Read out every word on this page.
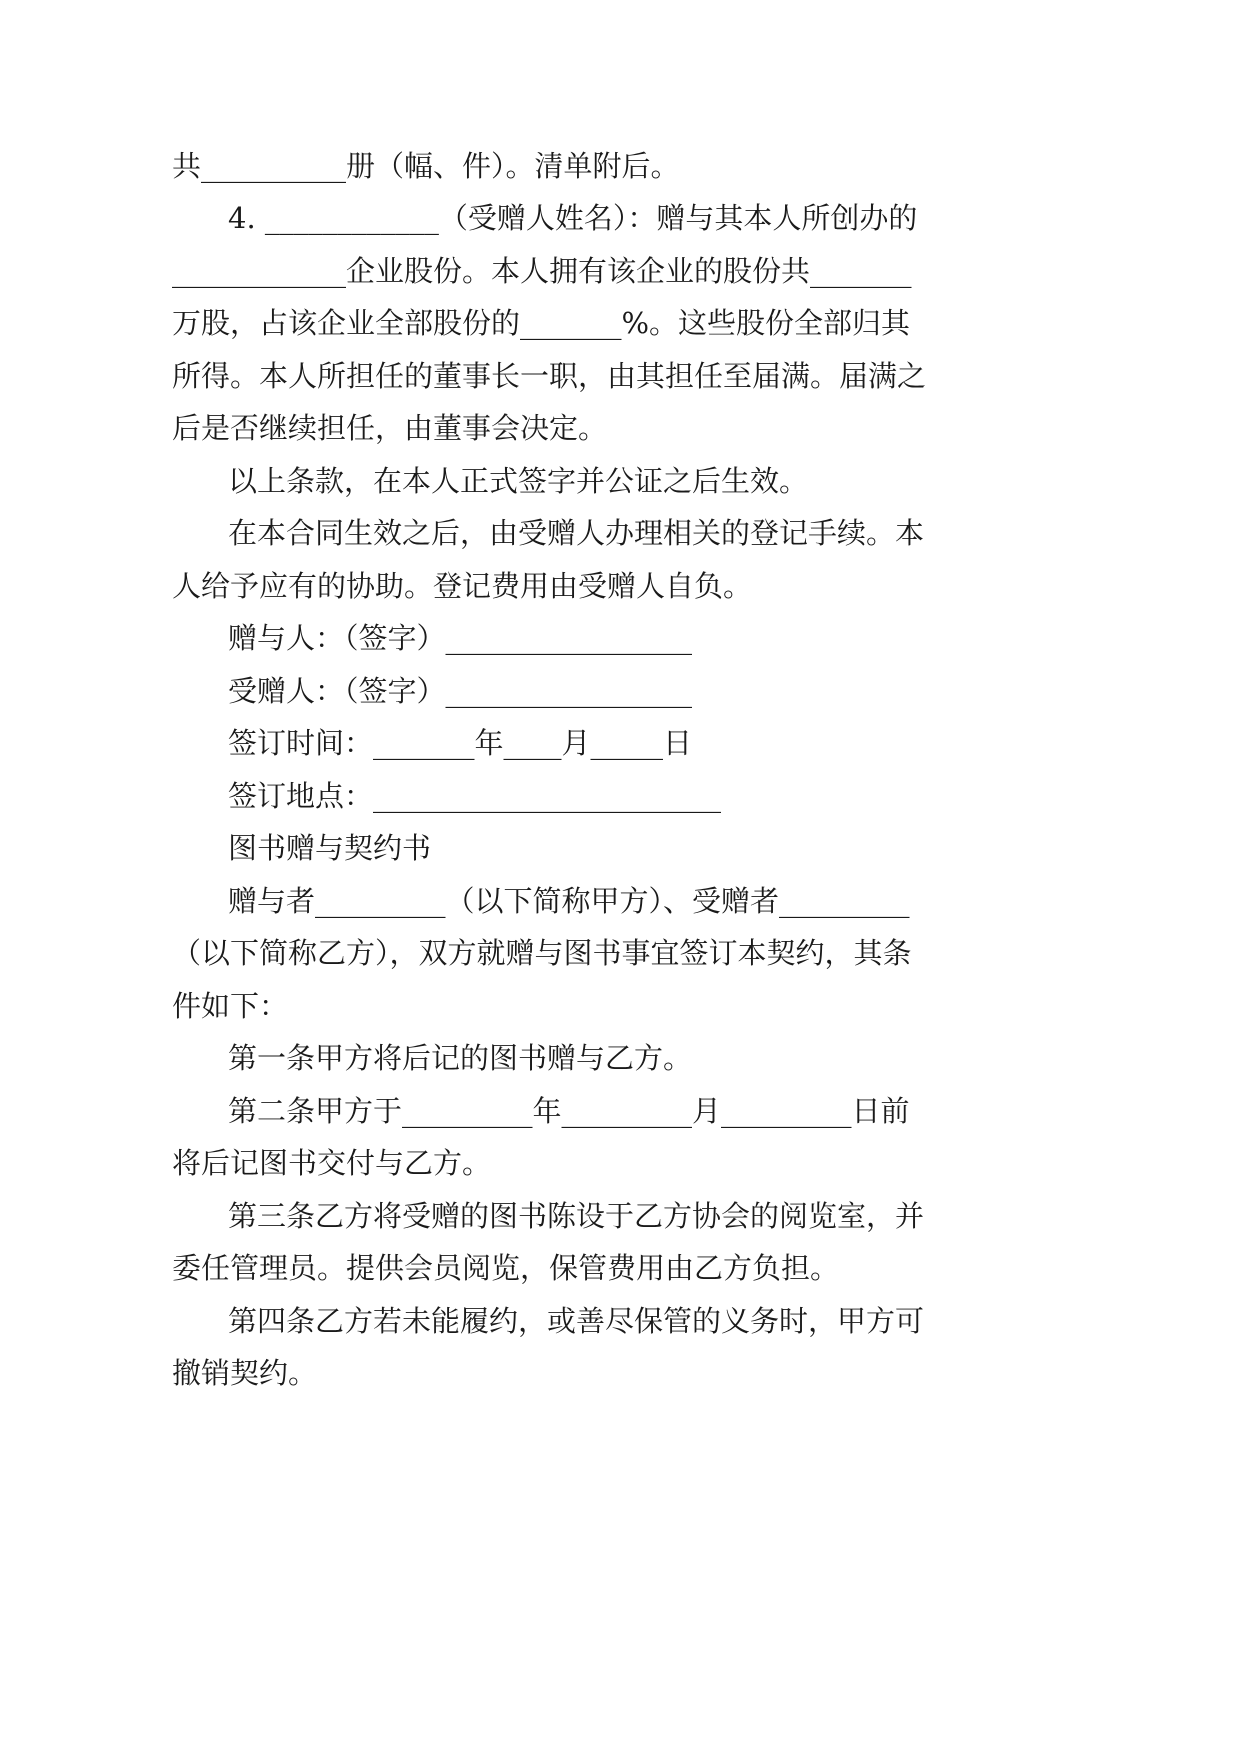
共__________册（幅、件）。清单附后。
4. ____________（受赠人姓名）：赠与其本人所创办的
____________企业股份。本人拥有该企业的股份共_______
万股，占该企业全部股份的_______%。这些股份全部归其
所得。本人所担任的董事长一职，由其担任至届满。届满之
后是否继续担任，由董事会决定。
以上条款，在本人正式签字并公证之后生效。
在本合同生效之后，由受赠人办理相关的登记手续。本
人给予应有的协助。登记费用由受赠人自负。
赠与人：（签字）_________________
受赠人：（签字）_________________
签订时间：_______年____月_____日
签订地点：________________________
图书赠与契约书
赠与者_________（以下简称甲方）、受赠者_________
（以下简称乙方），双方就赠与图书事宜签订本契约，其条
件如下：
第一条甲方将后记的图书赠与乙方。
第二条甲方于_________年_________月_________日前
将后记图书交付与乙方。
第三条乙方将受赠的图书陈设于乙方协会的阅览室，并
委任管理员。提供会员阅览，保管费用由乙方负担。
第四条乙方若未能履约，或善尽保管的义务时，甲方可
撤销契约。
